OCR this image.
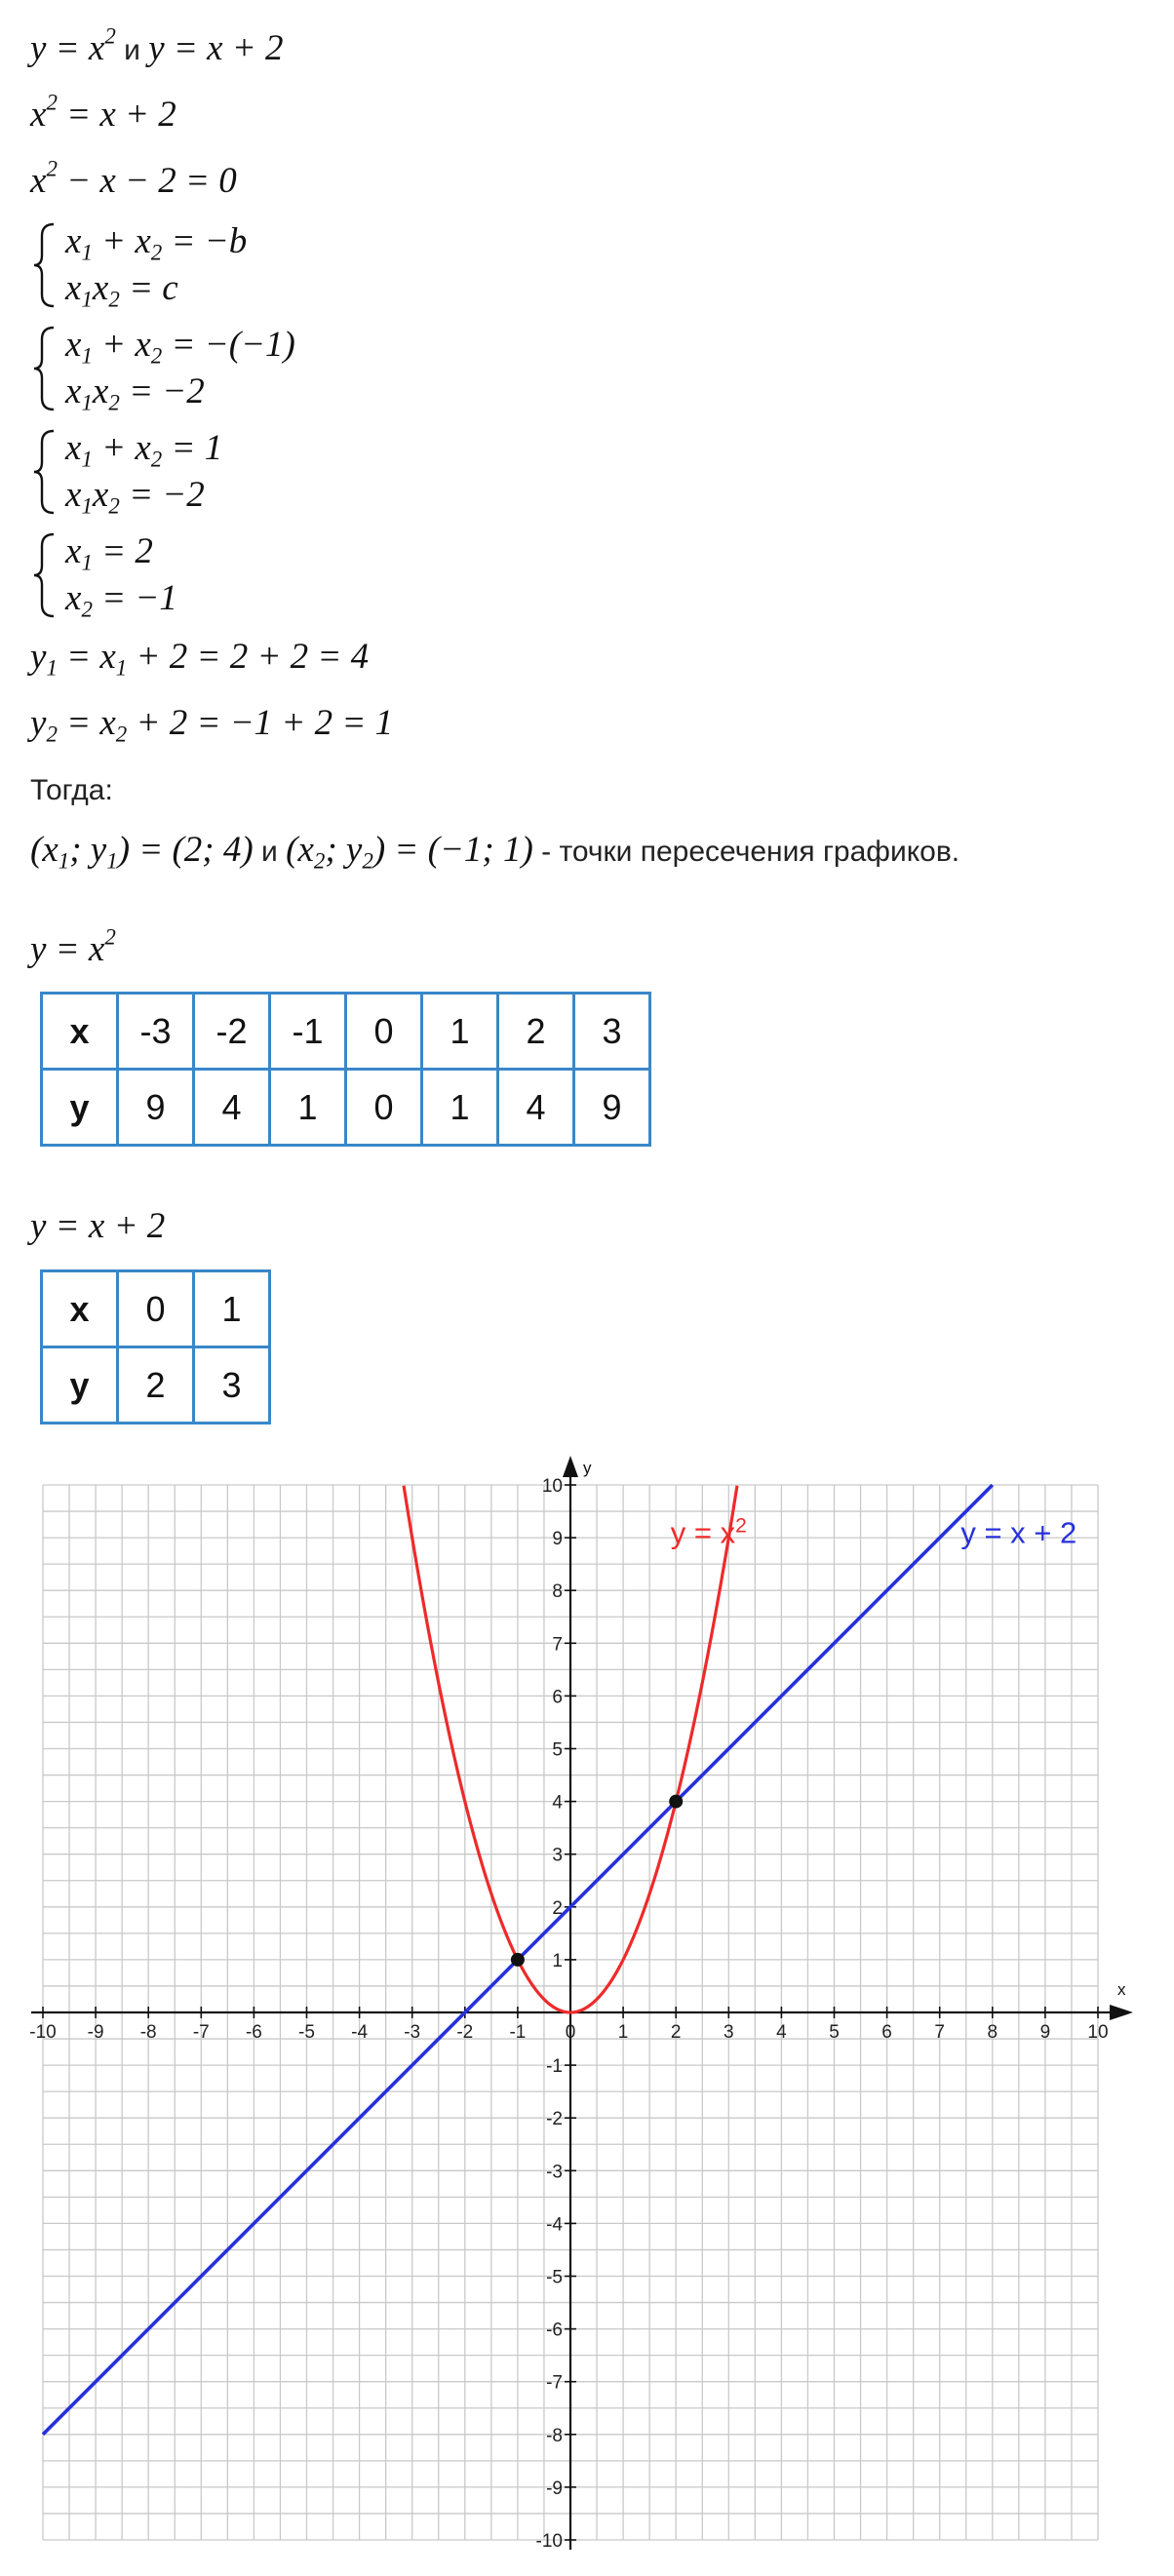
$y = x^2$ и y = x + 2
$x^2 = x + 2$
$x^2 - x - 2 = 0$
$x_1 + x_2 = -b$
$x_1x_2 = c$
$x_1 + x_2 = -(-1)$
$x_1x_2 = -2$
$x_1 + x_2 = 1$
$x_1x_2 = -2$
$x_1 = 2$
$x_2 = -1$
$y_1 = x_1 + 2 = 2 + 2 = 4$
$y_2 = x_2 + 2 = -1 + 2 = 1$
Тогда:
($x_1$; $y_1) = (2$; 4) и ($x_2$; $y_2) = (-1$; 1) - точки пересечения графиков.
$y = x^2$
x	-3	-2	-1	0	1	2	3
y	9	4	1	0	1	4	9
y = x + 2
x	0	1
y	2	3
-10 -9 -8 -7 -6 -5 -4 -3 -2 -1 0 1 2 3 4 5 6 7 8 9 10
-10
-9
-8
-7
-6
-5
-4
-3
-2
-1
1
2
3
4
5
6
7
8
9
10
x
y
$y = x^2$	y = x + 2
